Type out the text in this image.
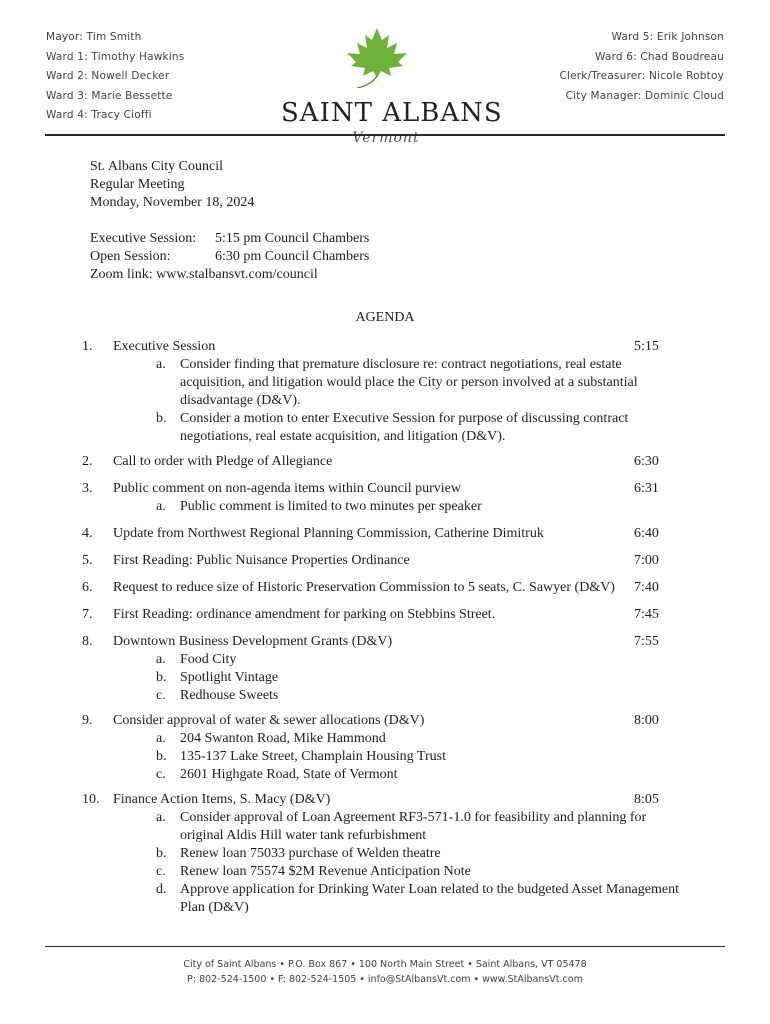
Mayor: Tim Smith
Ward 1: Timothy Hawkins
Ward 2: Nowell Decker
Ward 3: Marie Bessette
Ward 4: Tracy Cioffi	SAINT ALBANS
Vermont
Ward 5: Erik Johnson
Ward 6: Chad Boudreau
Clerk/Treasurer: Nicole Robtoy
City Manager: Dominic Cloud
St. Albans City Council
Regular Meeting
Monday, November 18, 2024
Executive Session: 5:15 pm Council Chambers
Open Session:	6:30 pm Council Chambers
Zoom link: www.stalbansvt.com/council
AGENDA
1. Executive Session	5:15
a. Consider finding that premature disclosure re: contract negotiations, real estate acquisition, and litigation would place the City or person involved at a substantial disadvantage (D&V).
b. Consider a motion to enter Executive Session for purpose of discussing contract negotiations, real estate acquisition, and litigation (D&V).
2. Call to order with Pledge of Allegiance	6:30
3. Public comment on non-agenda items within Council purview	6:31
a. Public comment is limited to two minutes per speaker
4. Update from Northwest Regional Planning Commission, Catherine Dimitruk	6:40
5. First Reading: Public Nuisance Properties Ordinance	7:00
6. Request to reduce size of Historic Preservation Commission to 5 seats, C. Sawyer (D&V) 7:40
7. First Reading: ordinance amendment for parking on Stebbins Street.	7:45
8. Downtown Business Development Grants (D&V)	7:55
a. Food City
b. Spotlight Vintage
c. Redhouse Sweets
9. Consider approval of water & sewer allocations (D&V)	8:00
a. 204 Swanton Road, Mike Hammond
b. 135-137 Lake Street, Champlain Housing Trust
c. 2601 Highgate Road, State of Vermont
10. Finance Action Items, S. Macy (D&V)	8:05
a. Consider approval of Loan Agreement RF3-571-1.0 for feasibility and planning for original Aldis Hill water tank refurbishment
b. Renew loan 75033 purchase of Welden theatre
c. Renew loan 75574 $2M Revenue Anticipation Note
d. Approve application for Drinking Water Loan related to the budgeted Asset Management Plan (D&V)
City of Saint Albans • P.O. Box 867 • 100 North Main Street • Saint Albans, VT 05478
P: 802-524-1500 • F: 802-524-1505 • info@StAlbansVt.com • www.StAlbansVt.com
